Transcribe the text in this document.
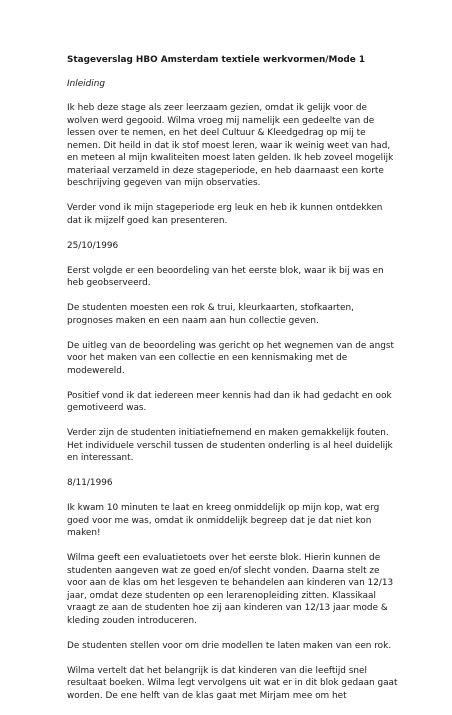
Stageverslag HBO Amsterdam textiele werkvormen/Mode 1
Inleiding

Ik heb deze stage als zeer leerzaam gezien, omdat ik gelijk voor de
wolven werd gegooid. Wilma vroeg mij namelijk een gedeelte van de
lessen over te nemen, en het deel Cultuur & Kleedgedrag op mij te
nemen. Dit heild in dat ik stof moest leren, waar ik weinig weet van had,
en meteen al mijn kwaliteiten moest laten gelden. Ik heb zoveel mogelijk
materiaal verzameld in deze stageperiode, en heb daarnaast een korte
beschrijving gegeven van mijn observaties.

Verder vond ik mijn stageperiode erg leuk en heb ik kunnen ontdekken
dat ik mijzelf goed kan presenteren.

25/10/1996

Eerst volgde er een beoordeling van het eerste blok, waar ik bij was en
heb geobserveerd.

De studenten moesten een rok & trui, kleurkaarten, stofkaarten,
prognoses maken en een naam aan hun collectie geven.

De uitleg van de beoordeling was gericht op het wegnemen van de angst
voor het maken van een collectie en een kennismaking met de
modewereld.

Positief vond ik dat iedereen meer kennis had dan ik had gedacht en ook
gemotiveerd was.

Verder zijn de studenten initiatiefnemend en maken gemakkelijk fouten.
Het individuele verschil tussen de studenten onderling is al heel duidelijk
en interessant.

8/11/1996

Ik kwam 10 minuten te laat en kreeg onmiddelijk op mijn kop, wat erg
goed voor me was, omdat ik onmiddelijk begreep dat je dat niet kon
maken!

Wilma geeft een evaluatietoets over het eerste blok. Hierin kunnen de
studenten aangeven wat ze goed en/of slecht vonden. Daarna stelt ze
voor aan de klas om het lesgeven te behandelen aan kinderen van 12/13
jaar, omdat deze studenten op een lerarenopleiding zitten. Klassikaal
vraagt ze aan de studenten hoe zij aan kinderen van 12/13 jaar mode &
kleding zouden introduceren.

De studenten stellen voor om drie modellen te laten maken van een rok.

Wilma vertelt dat het belangrijk is dat kinderen van die leeftijd snel
resultaat boeken. Wilma legt vervolgens uit wat er in dit blok gedaan gaat
worden. De ene helft van de klas gaat met Mirjam mee om het
